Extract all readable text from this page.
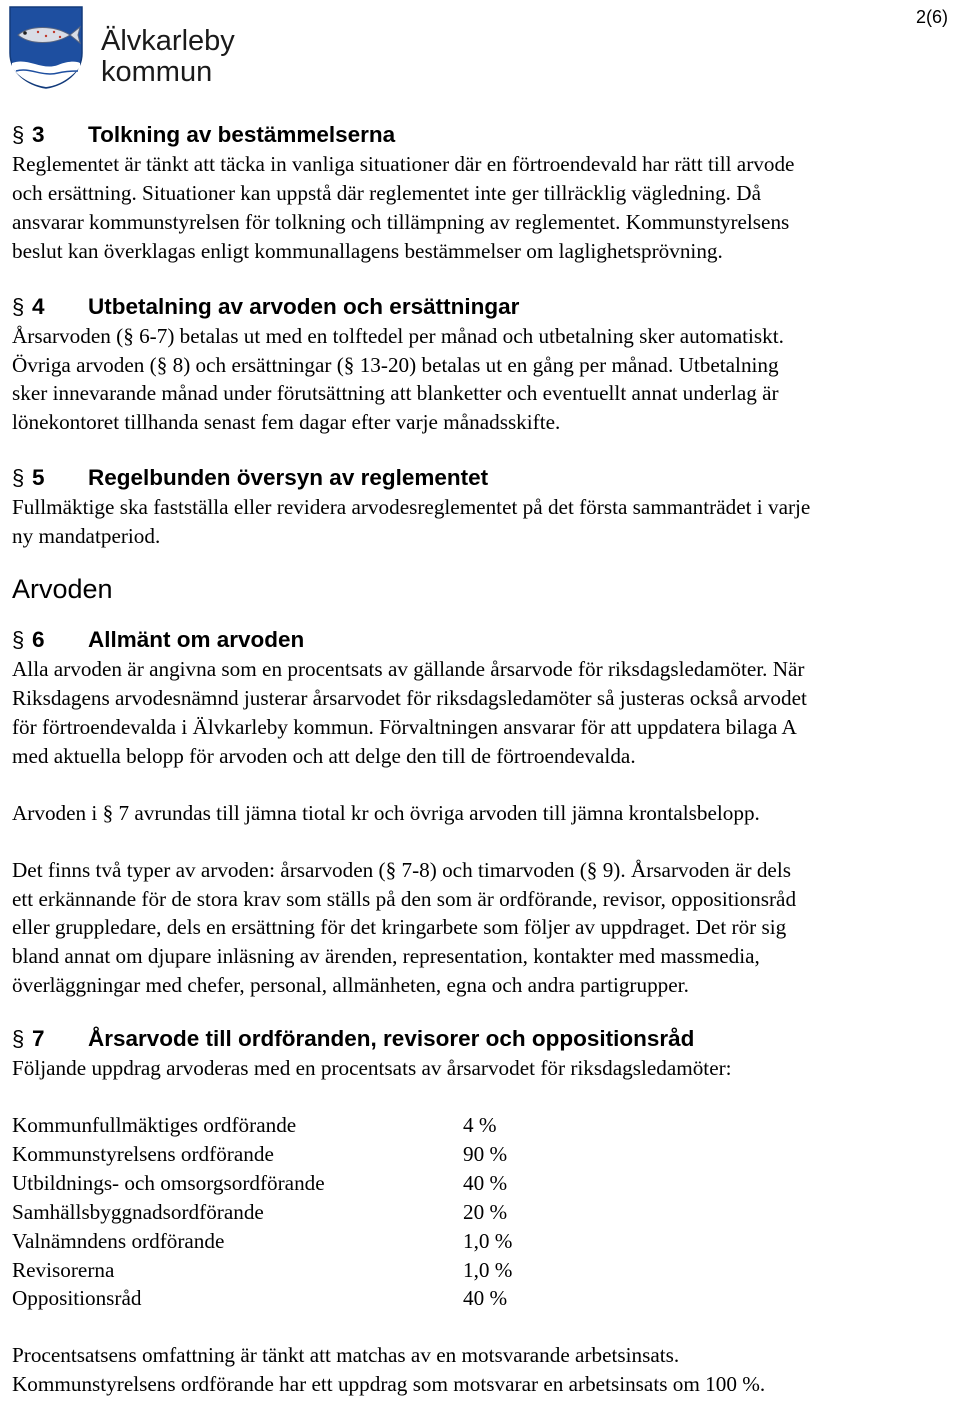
Älvkarleby
kommun
2(6)
§ 3	Tolkning av bestämmelserna

Reglementet är tänkt att täcka in vanliga situationer där en förtroendevald har rätt till arvode
och ersättning. Situationer kan uppstå där reglementet inte ger tillräcklig vägledning. Då
ansvarar kommunstyrelsen för tolkning och tillämpning av reglementet. Kommunstyrelsens
beslut kan överklagas enligt kommunallagens bestämmelser om laglighetsprövning.

§ 4	Utbetalning av arvoden och ersättningar

Årsarvoden (§ 6-7) betalas ut med en tolftedel per månad och utbetalning sker automatiskt.
Övriga arvoden (§ 8) och ersättningar (§ 13-20) betalas ut en gång per månad. Utbetalning
sker innevarande månad under förutsättning att blanketter och eventuellt annat underlag är
lönekontoret tillhanda senast fem dagar efter varje månadsskifte.

§ 5	Regelbunden översyn av reglementet

Fullmäktige ska fastställa eller revidera arvodesreglementet på det första sammanträdet i varje
ny mandatperiod.

Arvoden
§ 6	Allmänt om arvoden

Alla arvoden är angivna som en procentsats av gällande årsarvode för riksdagsledamöter. När
Riksdagens arvodesnämnd justerar årsarvodet för riksdagsledamöter så justeras också arvodet
för förtroendevalda i Älvkarleby kommun. Förvaltningen ansvarar för att uppdatera bilaga A
med aktuella belopp för arvoden och att delge den till de förtroendevalda.

Arvoden i § 7 avrundas till jämna tiotal kr och övriga arvoden till jämna krontalsbelopp.

Det finns två typer av arvoden: årsarvoden (§ 7-8) och timarvoden (§ 9). Årsarvoden är dels
ett erkännande för de stora krav som ställs på den som är ordförande, revisor, oppositionsråd
eller gruppledare, dels en ersättning för det kringarbete som följer av uppdraget. Det rör sig
bland annat om djupare inläsning av ärenden, representation, kontakter med massmedia,
överläggningar med chefer, personal, allmänheten, egna och andra partigrupper.

§ 7	Årsarvode till ordföranden, revisorer och oppositionsråd

Följande uppdrag arvoderas med en procentsats av årsarvodet för riksdagsledamöter:

Kommunfullmäktiges ordförande	4 %
Kommunstyrelsens ordförande	90 %
Utbildnings- och omsorgsordförande	40 %
Samhällsbyggnadsordförande	20 %
Valnämndens ordförande	1,0 %
Revisorerna	1,0 %
Oppositionsråd	40 %

Procentsatsens omfattning är tänkt att matchas av en motsvarande arbetsinsats.
Kommunstyrelsens ordförande har ett uppdrag som motsvarar en arbetsinsats om 100 %.
